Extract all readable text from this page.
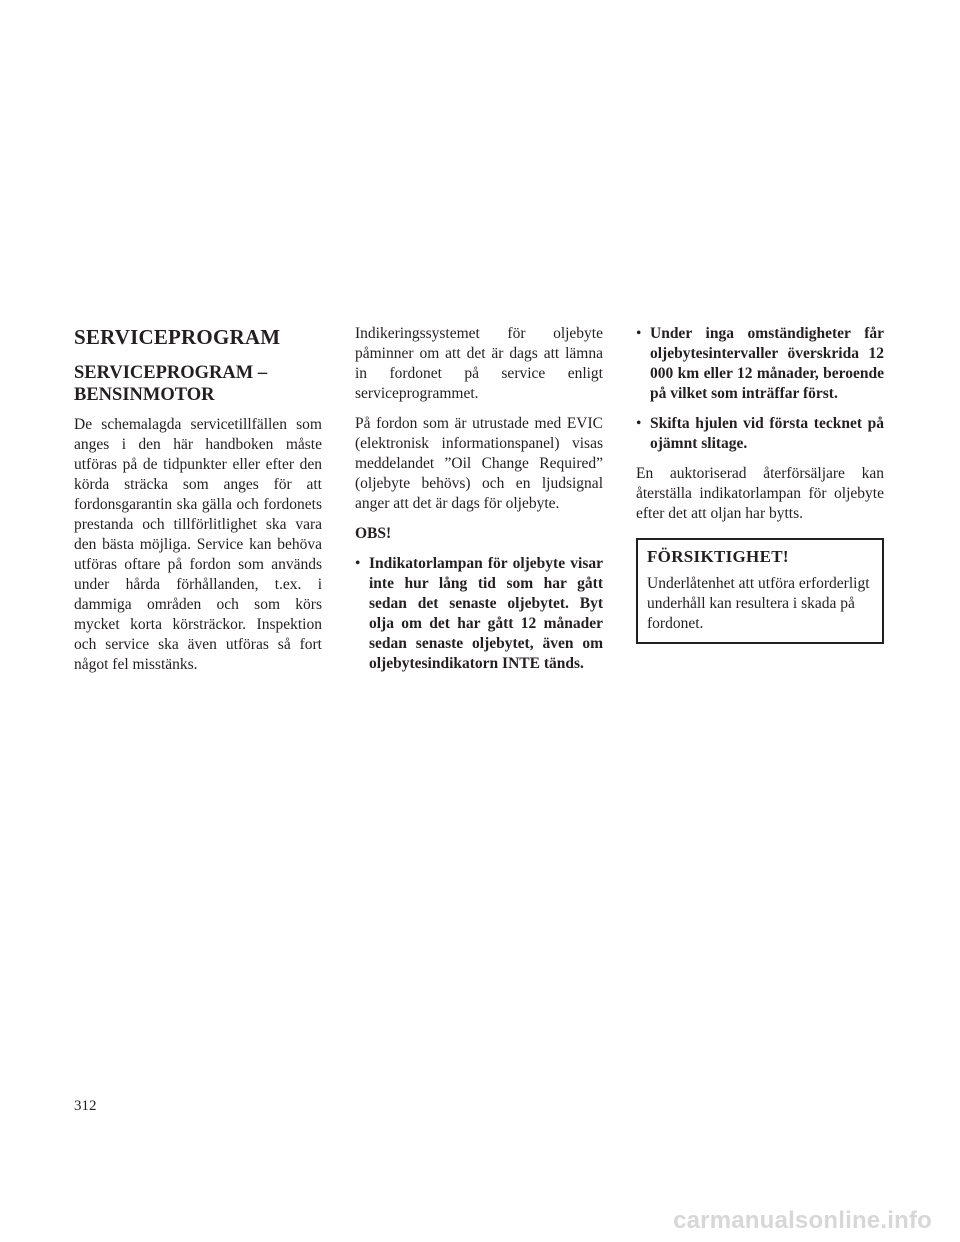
SERVICEPROGRAM
SERVICEPROGRAM –
BENSINMOTOR

De schemalagda servicetillfällen som anges i den här handboken måste utföras på de tidpunkter eller efter den körda sträcka som anges för att fordonsgarantin ska gälla och fordonets prestanda och tillförlitlighet ska vara den bästa möjliga. Service kan behöva utföras oftare på fordon som används under hårda förhållanden, t.ex. i dammiga områden och som körs mycket korta körsträckor. Inspektion och service ska även utföras så fort något fel misstänks.

Indikeringssystemet för oljebyte påminner om att det är dags att lämna in fordonet på service enligt serviceprogrammet.

På fordon som är utrustade med EVIC (elektronisk informationspanel) visas meddelandet ”Oil Change Required” (oljebyte behövs) och en ljudsignal anger att det är dags för oljebyte.

OBS!

• Indikatorlampan för oljebyte visar inte hur lång tid som har gått sedan det senaste oljebytet. Byt olja om det har gått 12 månader sedan senaste oljebytet, även om oljebytesindikatorn INTE tänds.
• Under inga omständigheter får oljebytesintervaller överskrida 12 000 km eller 12 månader, beroende på vilket som inträffar först.
• Skifta hjulen vid första tecknet på ojämnt slitage.

En auktoriserad återförsäljare kan återställa indikatorlampan för oljebyte efter det att oljan har bytts.

FÖRSIKTIGHET!
Underlåtenhet att utföra erforderligt underhåll kan resultera i skada på fordonet.
312
carmanualsonline.info
